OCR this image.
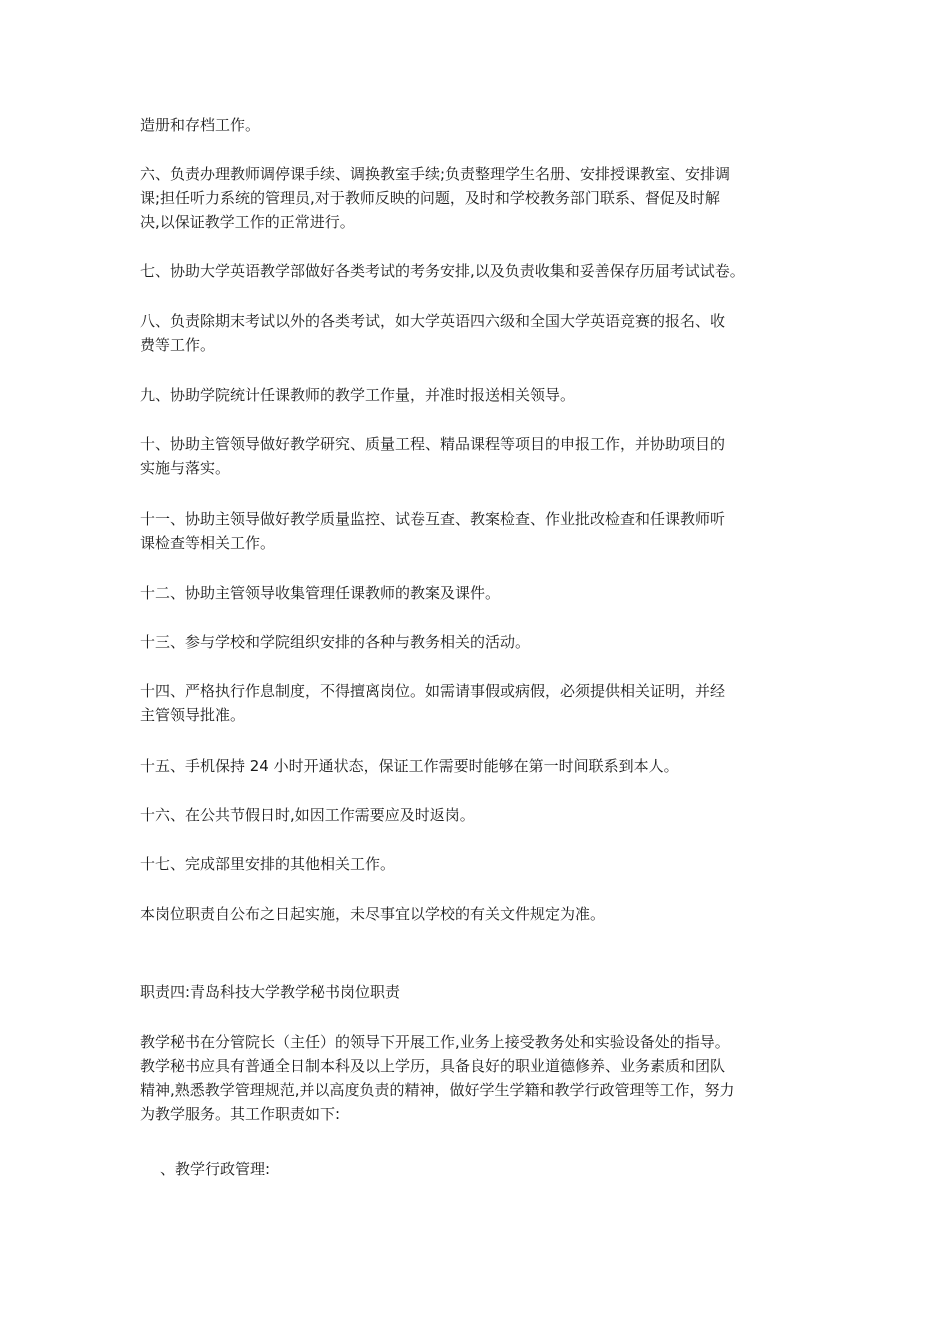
造册和存档工作。

六、负责办理教师调停课手续、调换教室手续;负责整理学生名册、安排授课教室、安排调
课;担任听力系统的管理员,对于教师反映的问题，及时和学校教务部门联系、督促及时解
决,以保证教学工作的正常进行。

七、协助大学英语教学部做好各类考试的考务安排,以及负责收集和妥善保存历届考试试卷。

八、负责除期末考试以外的各类考试，如大学英语四六级和全国大学英语竞赛的报名、收
费等工作。

九、协助学院统计任课教师的教学工作量，并准时报送相关领导。

十、协助主管领导做好教学研究、质量工程、精品课程等项目的申报工作，并协助项目的
实施与落实。

十一、协助主领导做好教学质量监控、试卷互查、教案检查、作业批改检查和任课教师听
课检查等相关工作。

十二、协助主管领导收集管理任课教师的教案及课件。

十三、参与学校和学院组织安排的各种与教务相关的活动。

十四、严格执行作息制度，不得擅离岗位。如需请事假或病假，必须提供相关证明，并经
主管领导批准。

十五、手机保持 24 小时开通状态，保证工作需要时能够在第一时间联系到本人。

十六、在公共节假日时,如因工作需要应及时返岗。

十七、完成部里安排的其他相关工作。

本岗位职责自公布之日起实施，未尽事宜以学校的有关文件规定为准。

职责四:青岛科技大学教学秘书岗位职责

教学秘书在分管院长（主任）的领导下开展工作,业务上接受教务处和实验设备处的指导。
教学秘书应具有普通全日制本科及以上学历，具备良好的职业道德修养、业务素质和团队
精神,熟悉教学管理规范,并以高度负责的精神，做好学生学籍和教学行政管理等工作，努力
为教学服务。其工作职责如下:

、教学行政管理:
